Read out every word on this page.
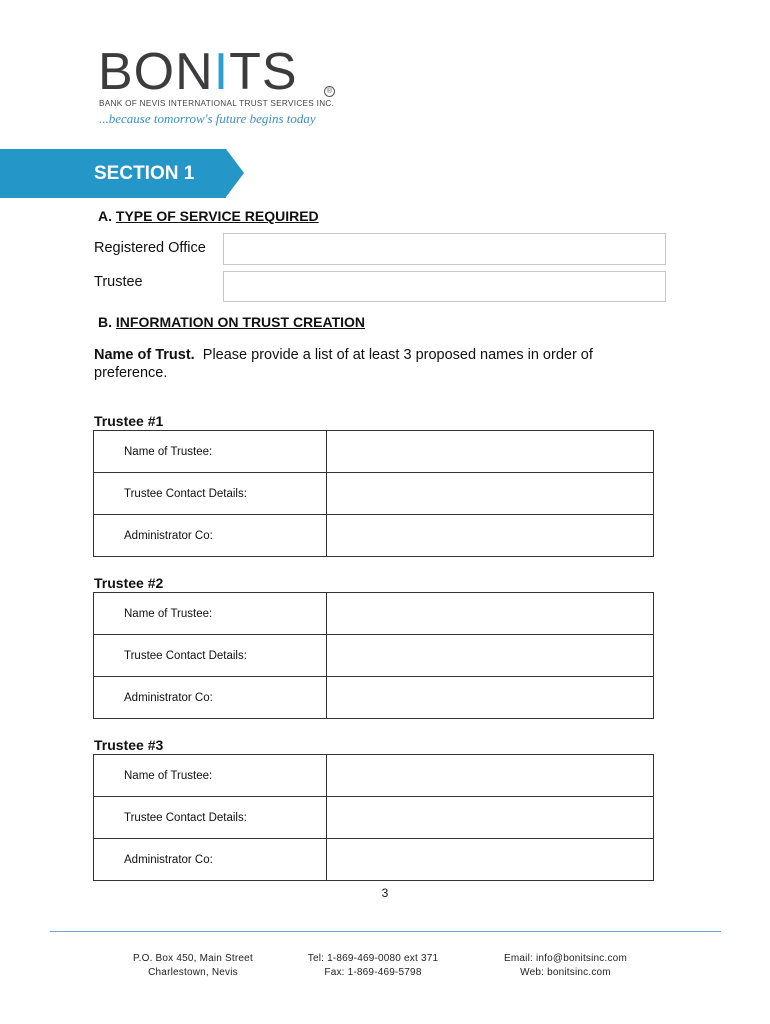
BONITS	®
BANK OF NEVIS INTERNATIONAL TRUST SERVICES INC.
...because tomorrow's future begins today
SECTION 1
A. TYPE OF SERVICE REQUIRED
Registered Office
Trustee
B. INFORMATION ON TRUST CREATION
Name of Trust. Please provide a list of at least 3 proposed names in order of preference.
Trustee #1
Name of Trustee:	
Trustee Contact Details:	
Administrator Co:	
Trustee #2
Name of Trustee:	
Trustee Contact Details:	
Administrator Co:	
Trustee #3
Name of Trustee:	
Trustee Contact Details:	
Administrator Co:	
3
P.O. Box 450, Main Street
Charlestown, Nevis
Tel: 1-869-469-0080 ext 371
Fax: 1-869-469-5798
Email: info@bonitsinc.com
Web: bonitsinc.com
